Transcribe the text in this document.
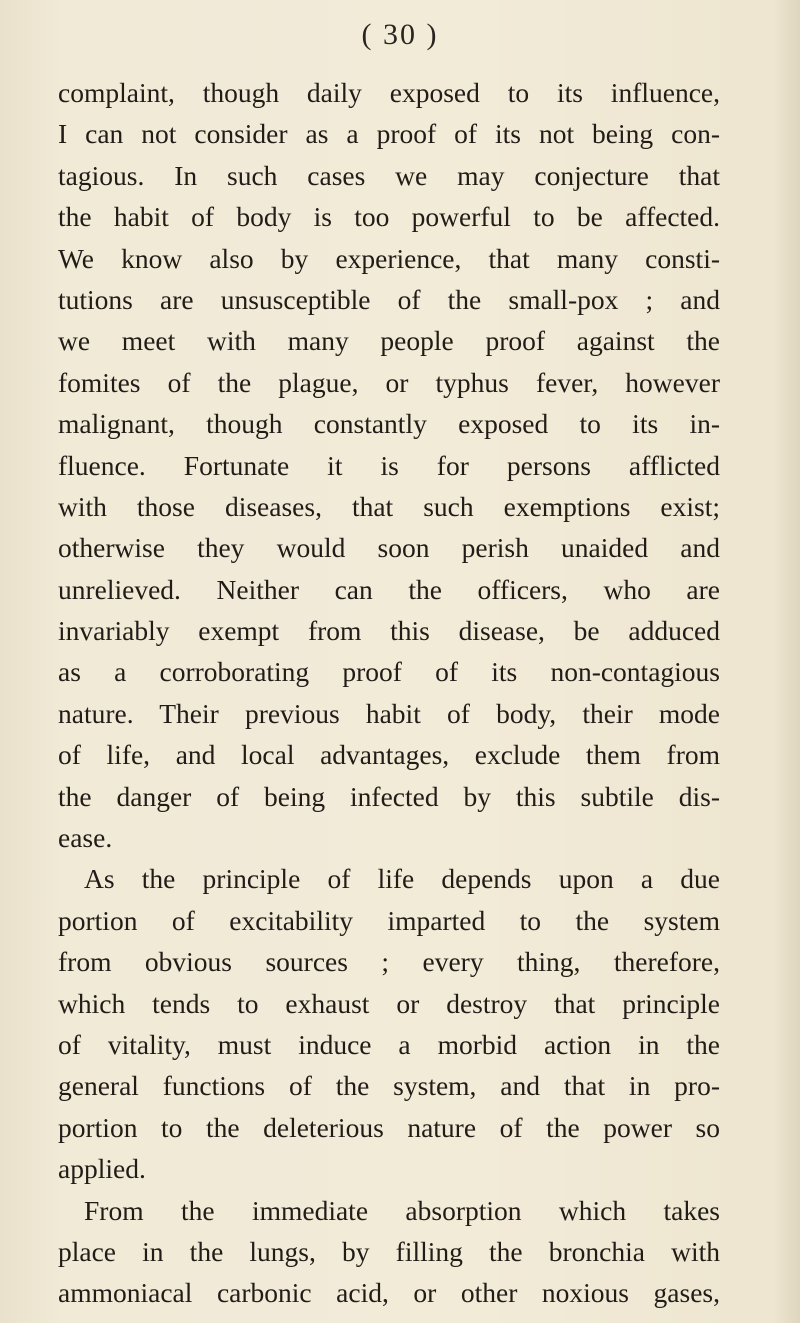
( 30 )
complaint, though daily exposed to its influence,
I can not consider as a proof of its not being con-
tagious. In such cases we may conjecture that
the habit of body is too powerful to be affected.
We know also by experience, that many consti-
tutions are unsusceptible of the small-pox ; and
we meet with many people proof against the
fomites of the plague, or typhus fever, however
malignant, though constantly exposed to its in-
fluence. Fortunate it is for persons afflicted
with those diseases, that such exemptions exist;
otherwise they would soon perish unaided and
unrelieved. Neither can the officers, who are
invariably exempt from this disease, be adduced
as a corroborating proof of its non-contagious
nature. Their previous habit of body, their mode
of life, and local advantages, exclude them from
the danger of being infected by this subtile dis-
ease.
As the principle of life depends upon a due
portion of excitability imparted to the system
from obvious sources ; every thing, therefore,
which tends to exhaust or destroy that principle
of vitality, must induce a morbid action in the
general functions of the system, and that in pro-
portion to the deleterious nature of the power so
applied.
From the immediate absorption which takes
place in the lungs, by filling the bronchia with
ammoniacal carbonic acid, or other noxious gases,
